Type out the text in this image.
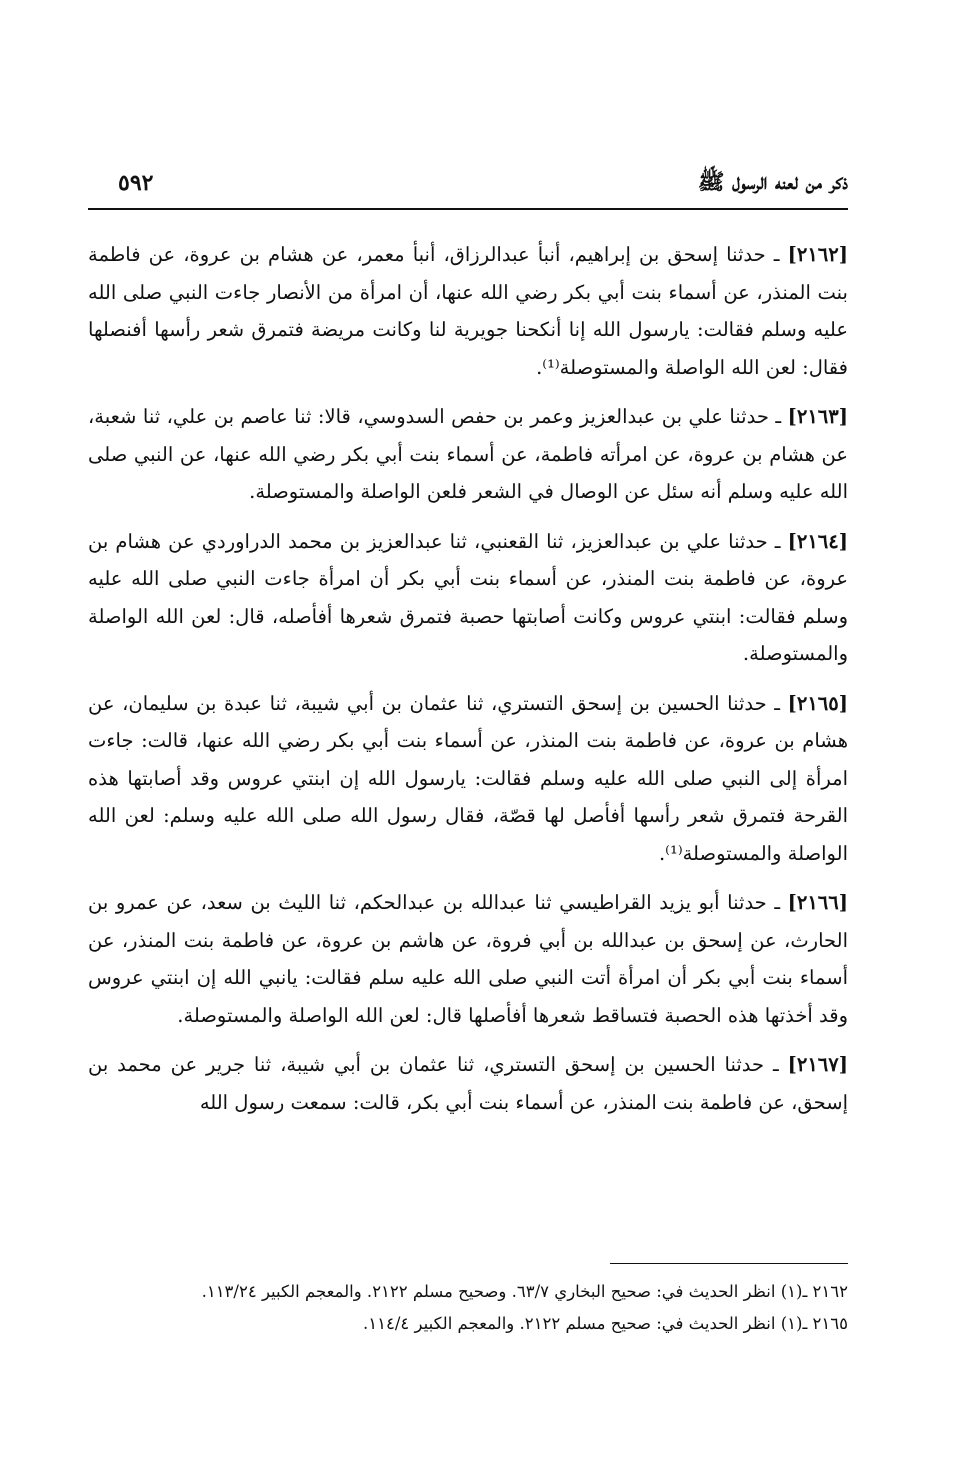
ذكر من لعنه الرسول ﷺ
٥٩٢

[٢١٦٢] ـ حدثنا إسحق بن إبراهيم، أنبأ عبدالرزاق، أنبأ معمر، عن هشام بن عروة، عن فاطمة بنت المنذر، عن أسماء بنت أبي بكر رضي الله عنها، أن امرأة من الأنصار جاءت النبي صلى الله عليه وسلم فقالت: يارسول الله إنا أنكحنا جويرية لنا وكانت مريضة فتمرق شعر رأسها أفنصلها فقال: لعن الله الواصلة والمستوصلة⁽¹⁾.

[٢١٦٣] ـ حدثنا علي بن عبدالعزيز وعمر بن حفص السدوسي، قالا: ثنا عاصم بن علي، ثنا شعبة، عن هشام بن عروة، عن امرأته فاطمة، عن أسماء بنت أبي بكر رضي الله عنها، عن النبي صلى الله عليه وسلم أنه سئل عن الوصال في الشعر فلعن الواصلة والمستوصلة.

[٢١٦٤] ـ حدثنا علي بن عبدالعزيز، ثنا القعنبي، ثنا عبدالعزيز بن محمد الدراوردي عن هشام بن عروة، عن فاطمة بنت المنذر، عن أسماء بنت أبي بكر أن امرأة جاءت النبي صلى الله عليه وسلم فقالت: ابنتي عروس وكانت أصابتها حصبة فتمرق شعرها أفأصله، قال: لعن الله الواصلة والمستوصلة.

[٢١٦٥] ـ حدثنا الحسين بن إسحق التستري، ثنا عثمان بن أبي شيبة، ثنا عبدة بن سليمان، عن هشام بن عروة، عن فاطمة بنت المنذر، عن أسماء بنت أبي بكر رضي الله عنها، قالت: جاءت امرأة إلى النبي صلى الله عليه وسلم فقالت: يارسول الله إن ابنتي عروس وقد أصابتها هذه القرحة فتمرق شعر رأسها أفأصل لها قصّة، فقال رسول الله صلى الله عليه وسلم: لعن الله الواصلة والمستوصلة⁽¹⁾.

[٢١٦٦] ـ حدثنا أبو يزيد القراطيسي ثنا عبدالله بن عبدالحكم، ثنا الليث بن سعد، عن عمرو بن الحارث، عن إسحق بن عبدالله بن أبي فروة، عن هاشم بن عروة، عن فاطمة بنت المنذر، عن أسماء بنت أبي بكر أن امرأة أتت النبي صلى الله عليه سلم فقالت: يانبي الله إن ابنتي عروس وقد أخذتها هذه الحصبة فتساقط شعرها أفأصلها قال: لعن الله الواصلة والمستوصلة.

[٢١٦٧] ـ حدثنا الحسين بن إسحق التستري، ثنا عثمان بن أبي شيبة، ثنا جرير عن محمد بن إسحق، عن فاطمة بنت المنذر، عن أسماء بنت أبي بكر، قالت: سمعت رسول الله

٢١٦٢ ـ(١) انظر الحديث في: صحيح البخاري ٦٣/٧. وصحيح مسلم ٢١٢٢. والمعجم الكبير ١١٣/٢٤.

٢١٦٥ ـ(١) انظر الحديث في: صحيح مسلم ٢١٢٢. والمعجم الكبير ١١٤/٤.
